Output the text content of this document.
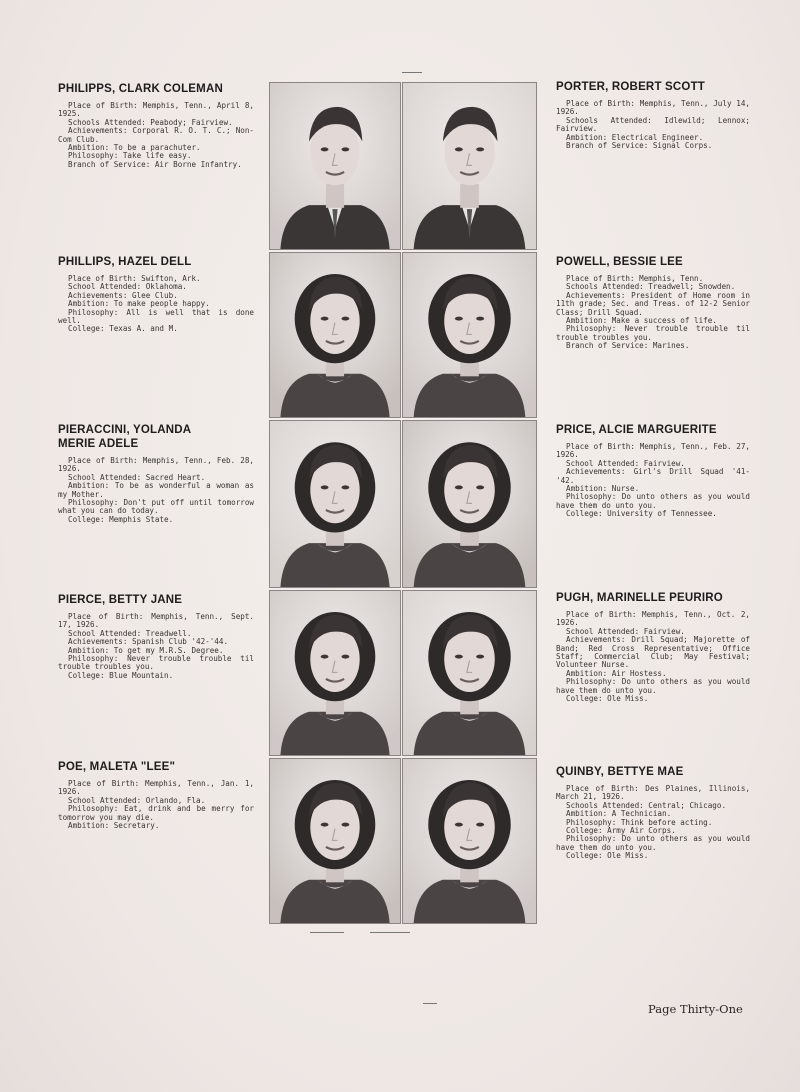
PHILIPPS, CLARK COLEMAN
Place of Birth: Memphis, Tenn., April 8, 1925.
Schools Attended: Peabody; Fairview.
Achievements: Corporal R. O. T. C.; Non-Com Club.
Ambition: To be a parachuter.
Philosophy: Take life easy.
Branch of Service: Air Borne Infantry.
PHILLIPS, HAZEL DELL
Place of Birth: Swifton, Ark.
School Attended: Oklahoma.
Achievements: Glee Club.
Ambition: To make people happy.
Philosophy: All is well that is done well.
College: Texas A. and M.
PIERACCINI, YOLANDA
MERIE ADELE
Place of Birth: Memphis, Tenn., Feb. 28, 1926.
School Attended: Sacred Heart.
Ambition: To be as wonderful a woman as my Mother.
Philosophy: Don't put off until tomorrow what you can do today.
College: Memphis State.
PIERCE, BETTY JANE
Place of Birth: Memphis, Tenn., Sept. 17, 1926.
School Attended: Treadwell.
Achievements: Spanish Club '42-'44.
Ambition: To get my M.R.S. Degree.
Philosophy: Never trouble trouble til trouble troubles you.
College: Blue Mountain.
POE, MALETA "LEE"
Place of Birth: Memphis, Tenn., Jan. 1, 1926.
School Attended: Orlando, Fla.
Philosophy: Eat, drink and be merry for tomorrow you may die.
Ambition: Secretary.
PORTER, ROBERT SCOTT
Place of Birth: Memphis, Tenn., July 14, 1926.
Schools Attended: Idlewild; Lennox; Fairview.
Ambition: Electrical Engineer.
Branch of Service: Signal Corps.
POWELL, BESSIE LEE
Place of Birth: Memphis, Tenn.
Schools Attended: Treadwell; Snowden.
Achievements: President of Home room in 11th grade; Sec. and Treas. of 12-2 Senior Class; Drill Squad.
Ambition: Make a success of life.
Philosophy: Never trouble trouble til trouble troubles you.
Branch of Service: Marines.
PRICE, ALCIE MARGUERITE
Place of Birth: Memphis, Tenn., Feb. 27, 1926.
School Attended: Fairview.
Achievements: Girl's Drill Squad '41-'42.
Ambition: Nurse.
Philosophy: Do unto others as you would have them do unto you.
College: University of Tennessee.
PUGH, MARINELLE PEURIRO
Place of Birth: Memphis, Tenn., Oct. 2, 1926.
School Attended: Fairview.
Achievements: Drill Squad; Majorette of Band; Red Cross Representative; Office Staff; Commercial Club; May Festival; Volunteer Nurse.
Ambition: Air Hostess.
Philosophy: Do unto others as you would have them do unto you.
College: Ole Miss.
QUINBY, BETTYE MAE
Place of Birth: Des Plaines, Illinois, March 21, 1926.
Schools Attended: Central; Chicago.
Ambition: A Technician.
Philosophy: Think before acting.
College: Army Air Corps.
Philosophy: Do unto others as you would have them do unto you.
College: Ole Miss.
Page Thirty-One
